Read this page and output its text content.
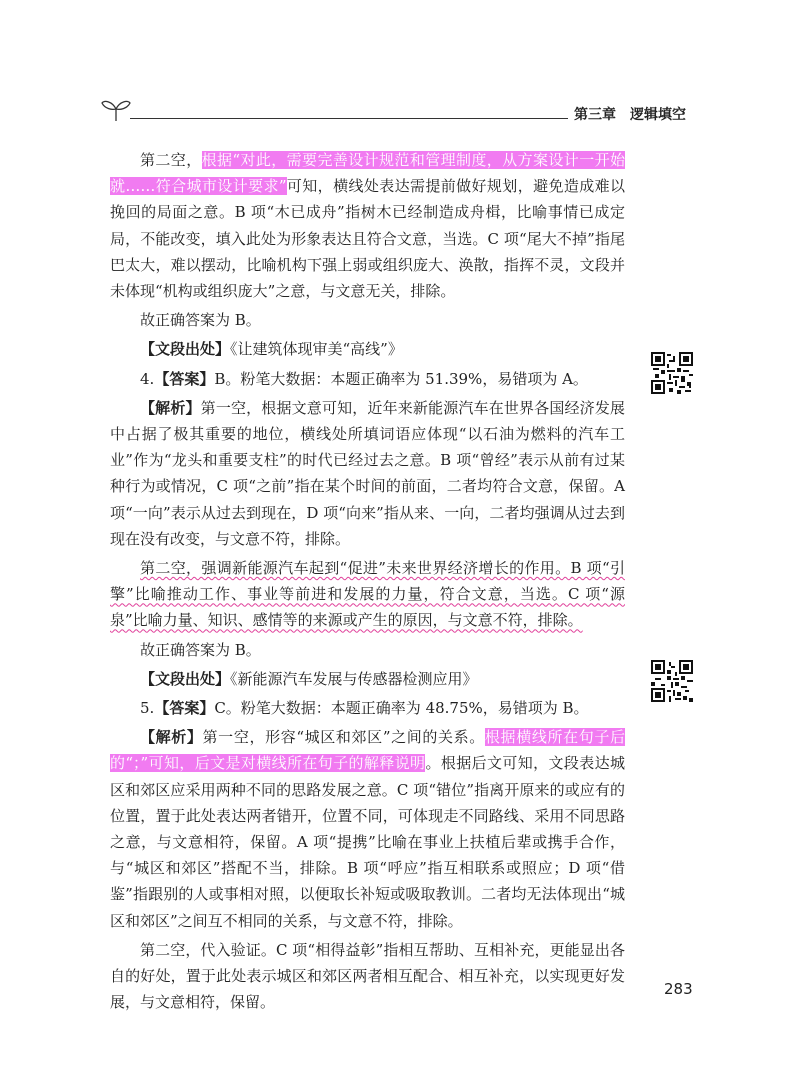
第三章 逻辑填空

第二空，根据“对此，需要完善设计规范和管理制度，从方案设计一开始就……符合城市设计要求”可知，横线处表达需提前做好规划，避免造成难以挽回的局面之意。B 项“木已成舟”指树木已经制造成舟楫，比喻事情已成定局，不能改变，填入此处为形象表达且符合文意，当选。C 项“尾大不掉”指尾巴太大，难以摆动，比喻机构下强上弱或组织庞大、涣散，指挥不灵，文段并未体现“机构或组织庞大”之意，与文意无关，排除。

故正确答案为 B。

【文段出处】《让建筑体现审美“高线”》

4.【答案】B。粉笔大数据：本题正确率为 51.39%，易错项为 A。

【解析】第一空，根据文意可知，近年来新能源汽车在世界各国经济发展中占据了极其重要的地位，横线处所填词语应体现“以石油为燃料的汽车工业”作为“龙头和重要支柱”的时代已经过去之意。B 项“曾经”表示从前有过某种行为或情况，C 项“之前”指在某个时间的前面，二者均符合文意，保留。A 项“一向”表示从过去到现在，D 项“向来”指从来、一向，二者均强调从过去到现在没有改变，与文意不符，排除。

第二空，强调新能源汽车起到“促进”未来世界经济增长的作用。B 项“引擎”比喻推动工作、事业等前进和发展的力量，符合文意，当选。C 项“源泉”比喻力量、知识、感情等的来源或产生的原因，与文意不符，排除。

故正确答案为 B。

【文段出处】《新能源汽车发展与传感器检测应用》

5.【答案】C。粉笔大数据：本题正确率为 48.75%，易错项为 B。

【解析】第一空，形容“城区和郊区”之间的关系。根据横线所在句子后的“；”可知，后文是对横线所在句子的解释说明。根据后文可知，文段表达城区和郊区应采用两种不同的思路发展之意。C 项“错位”指离开原来的或应有的位置，置于此处表达两者错开，位置不同，可体现走不同路线、采用不同思路之意，与文意相符，保留。A 项“提携”比喻在事业上扶植后辈或携手合作，与“城区和郊区”搭配不当，排除。B 项“呼应”指互相联系或照应；D 项“借鉴”指跟别的人或事相对照，以便取长补短或吸取教训。二者均无法体现出“城区和郊区”之间互不相同的关系，与文意不符，排除。

第二空，代入验证。C 项“相得益彰”指相互帮助、互相补充，更能显出各自的好处，置于此处表示城区和郊区两者相互配合、相互补充，以实现更好发展，与文意相符，保留。

283
